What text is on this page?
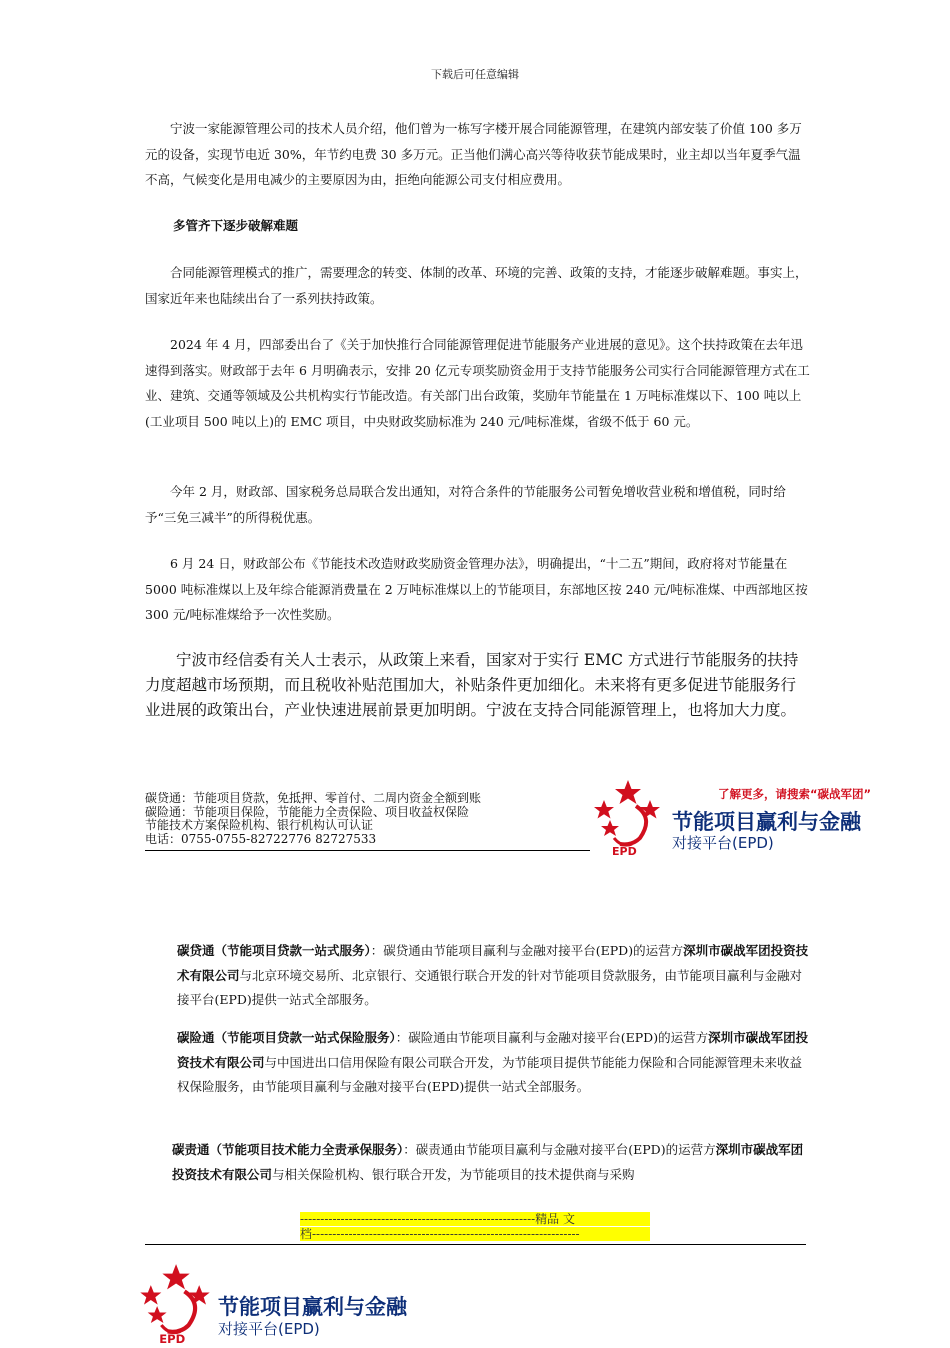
下载后可任意编辑

宁波一家能源管理公司的技术人员介绍，他们曾为一栋写字楼开展合同能源管理，在建筑内部安装了价值 100 多万元的设备，实现节电近 30%，年节约电费 30 多万元。正当他们满心高兴等待收获节能成果时，业主却以当年夏季气温不高，气候变化是用电减少的主要原因为由，拒绝向能源公司支付相应费用。

多管齐下逐步破解难题

合同能源管理模式的推广，需要理念的转变、体制的改革、环境的完善、政策的支持，才能逐步破解难题。事实上，国家近年来也陆续出台了一系列扶持政策。

2024 年 4 月，四部委出台了《关于加快推行合同能源管理促进节能服务产业进展的意见》。这个扶持政策在去年迅速得到落实。财政部于去年 6 月明确表示，安排 20 亿元专项奖励资金用于支持节能服务公司实行合同能源管理方式在工业、建筑、交通等领域及公共机构实行节能改造。有关部门出台政策，奖励年节能量在 1 万吨标准煤以下、100 吨以上(工业项目 500 吨以上)的 EMC 项目，中央财政奖励标准为 240 元/吨标准煤，省级不低于 60 元。

今年 2 月，财政部、国家税务总局联合发出通知，对符合条件的节能服务公司暂免增收营业税和增值税，同时给予“三免三减半”的所得税优惠。

6 月 24 日，财政部公布《节能技术改造财政奖励资金管理办法》，明确提出，“十二五”期间，政府将对节能量在 5000 吨标准煤以上及年综合能源消费量在 2 万吨标准煤以上的节能项目，东部地区按 240 元/吨标准煤、中西部地区按 300 元/吨标准煤给予一次性奖励。

宁波市经信委有关人士表示，从政策上来看，国家对于实行 EMC 方式进行节能服务的扶持力度超越市场预期，而且税收补贴范围加大，补贴条件更加细化。未来将有更多促进节能服务行业进展的政策出台，产业快速进展前景更加明朗。宁波在支持合同能源管理上，也将加大力度。

碳贷通：节能项目贷款，免抵押、零首付、二周内资金全额到账
碳险通：节能项目保险，节能能力全责保险、项目收益权保险
节能技术方案保险机构、银行机构认可认证
电话：0755-0755-82722776 82727533
EPD
了解更多，请搜索“碳战军团”
节能项目赢利与金融
对接平台(EPD)

碳贷通（节能项目贷款一站式服务）：碳贷通由节能项目赢利与金融对接平台(EPD)的运营方深圳市碳战军团投资技术有限公司与北京环境交易所、北京银行、交通银行联合开发的针对节能项目贷款服务，由节能项目赢利与金融对接平台(EPD)提供一站式全部服务。

碳险通（节能项目贷款一站式保险服务）：碳险通由节能项目赢利与金融对接平台(EPD)的运营方深圳市碳战军团投资技术有限公司与中国进出口信用保险有限公司联合开发，为节能项目提供节能能力保险和合同能源管理未来收益权保险服务，由节能项目赢利与金融对接平台(EPD)提供一站式全部服务。

碳责通（节能项目技术能力全责承保服务）：碳责通由节能项目赢利与金融对接平台(EPD)的运营方深圳市碳战军团投资技术有限公司与相关保险机构、银行联合开发，为节能项目的技术提供商与采购

----------------------------------------------------------精品 文
档------------------------------------------------------------------
EPD
节能项目赢利与金融
对接平台(EPD)
